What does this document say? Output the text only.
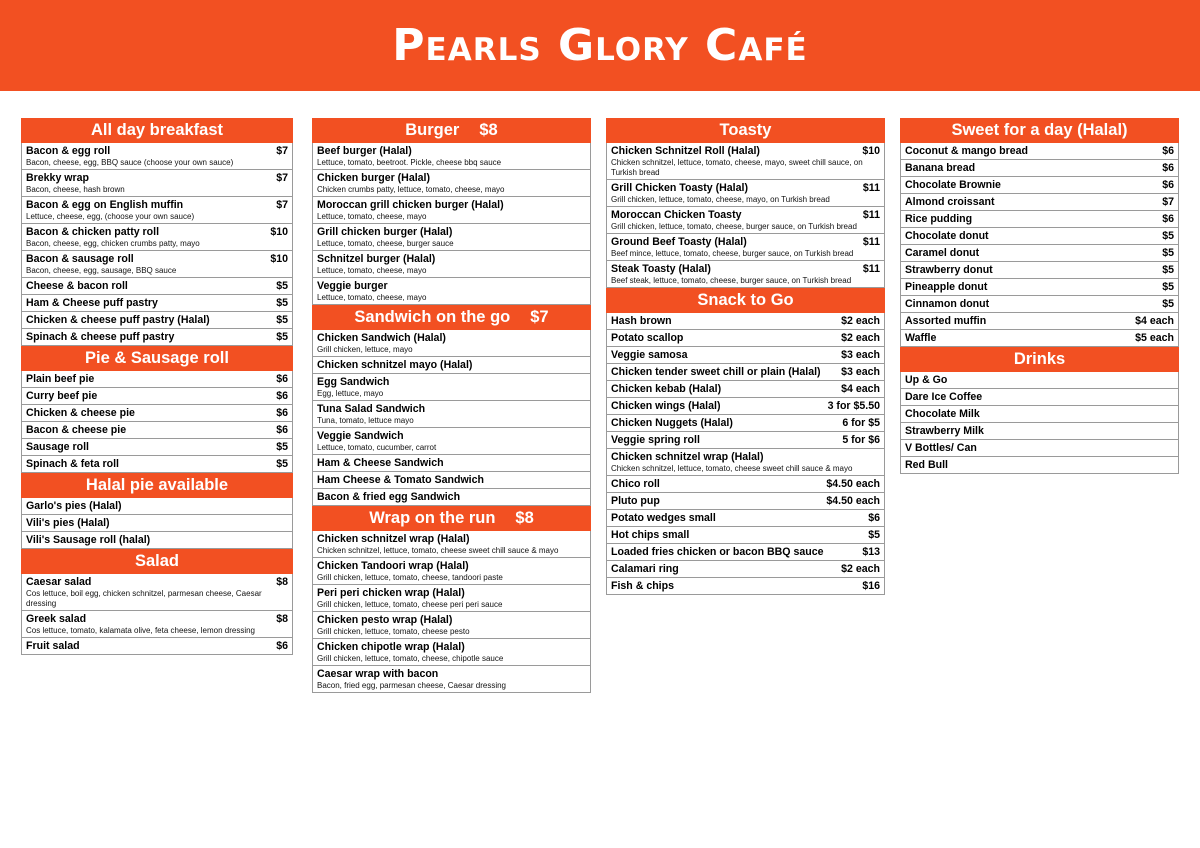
Pearls Glory Café
All day breakfast
Bacon & egg roll	$7
Bacon, cheese, egg, BBQ sauce (choose your own sauce)
Brekky wrap	$7
Bacon, cheese, hash brown
Bacon & egg on English muffin	$7
Lettuce, cheese, egg, (choose your own sauce)
Bacon & chicken patty roll	$10
Bacon, cheese, egg, chicken crumbs patty, mayo
Bacon & sausage roll	$10
Bacon, cheese, egg, sausage, BBQ sauce
Cheese & bacon roll	$5
Ham & Cheese puff pastry	$5
Chicken & cheese puff pastry (Halal)	$5
Spinach & cheese puff pastry	$5
Pie & Sausage roll
Plain beef pie	$6
Curry beef pie	$6
Chicken & cheese pie	$6
Bacon & cheese pie	$6
Sausage roll	$5
Spinach & feta roll	$5
Halal pie available
Garlo's pies (Halal)
Vili's pies (Halal)
Vili's Sausage roll (halal)
Salad
Caesar salad	$8
Cos lettuce, boil egg, chicken schnitzel, parmesan cheese, Caesar dressing
Greek salad	$8
Cos lettuce, tomato, kalamata olive, feta cheese, lemon dressing
Fruit salad	$6
Burger $8
Beef burger (Halal)
Lettuce, tomato, beetroot. Pickle, cheese bbq sauce
Chicken burger (Halal)
Chicken crumbs patty, lettuce, tomato, cheese, mayo
Moroccan grill chicken burger (Halal)
Lettuce, tomato, cheese, mayo
Grill chicken burger (Halal)
Lettuce, tomato, cheese, burger sauce
Schnitzel burger (Halal)
Lettuce, tomato, cheese, mayo
Veggie burger
Lettuce, tomato, cheese, mayo
Sandwich on the go $7
Chicken Sandwich (Halal)
Grill chicken, lettuce, mayo
Chicken schnitzel mayo (Halal)
Egg Sandwich
Egg, lettuce, mayo
Tuna Salad Sandwich
Tuna, tomato, lettuce mayo
Veggie Sandwich
Lettuce, tomato, cucumber, carrot
Ham & Cheese Sandwich
Ham Cheese & Tomato Sandwich
Bacon & fried egg Sandwich
Wrap on the run $8
Chicken schnitzel wrap (Halal)
Chicken schnitzel, lettuce, tomato, cheese sweet chill sauce & mayo
Chicken Tandoori wrap (Halal)
Grill chicken, lettuce, tomato, cheese, tandoori paste
Peri peri chicken wrap (Halal)
Grill chicken, lettuce, tomato, cheese peri peri sauce
Chicken pesto wrap (Halal)
Grill chicken, lettuce, tomato, cheese pesto
Chicken chipotle wrap (Halal)
Grill chicken, lettuce, tomato, cheese, chipotle sauce
Caesar wrap with bacon
Bacon, fried egg, parmesan cheese, Caesar dressing
Toasty
Chicken Schnitzel Roll (Halal)	$10
Chicken schnitzel, lettuce, tomato, cheese, mayo, sweet chill sauce, on Turkish bread
Grill Chicken Toasty (Halal)	$11
Grill chicken, lettuce, tomato, cheese, mayo, on Turkish bread
Moroccan Chicken Toasty	$11
Grill chicken, lettuce, tomato, cheese, burger sauce, on Turkish bread
Ground Beef Toasty (Halal)	$11
Beef mince, lettuce, tomato, cheese, burger sauce, on Turkish bread
Steak Toasty (Halal)	$11
Beef steak, lettuce, tomato, cheese, burger sauce, on Turkish bread
Snack to Go
Hash brown	$2 each
Potato scallop	$2 each
Veggie samosa	$3 each
Chicken tender sweet chill or plain (Halal) $3 each
Chicken kebab (Halal)	$4 each
Chicken wings (Halal)	3 for $5.50
Chicken Nuggets (Halal)	6 for $5
Veggie spring roll	5 for $6
Chicken schnitzel wrap (Halal)
Chicken schnitzel, lettuce, tomato, cheese sweet chill sauce & mayo
Chico roll	$4.50 each
Pluto pup	$4.50 each
Potato wedges small	$6
Hot chips small	$5
Loaded fries chicken or bacon BBQ sauce	$13
Calamari ring	$2 each
Fish & chips	$16
Sweet for a day (Halal)
Coconut & mango bread	$6
Banana bread	$6
Chocolate Brownie	$6
Almond croissant	$7
Rice pudding	$6
Chocolate donut	$5
Caramel donut	$5
Strawberry donut	$5
Pineapple donut	$5
Cinnamon donut	$5
Assorted muffin	$4 each
Waffle	$5 each
Drinks
Up & Go
Dare Ice Coffee
Chocolate Milk
Strawberry Milk
V Bottles/ Can
Red Bull
